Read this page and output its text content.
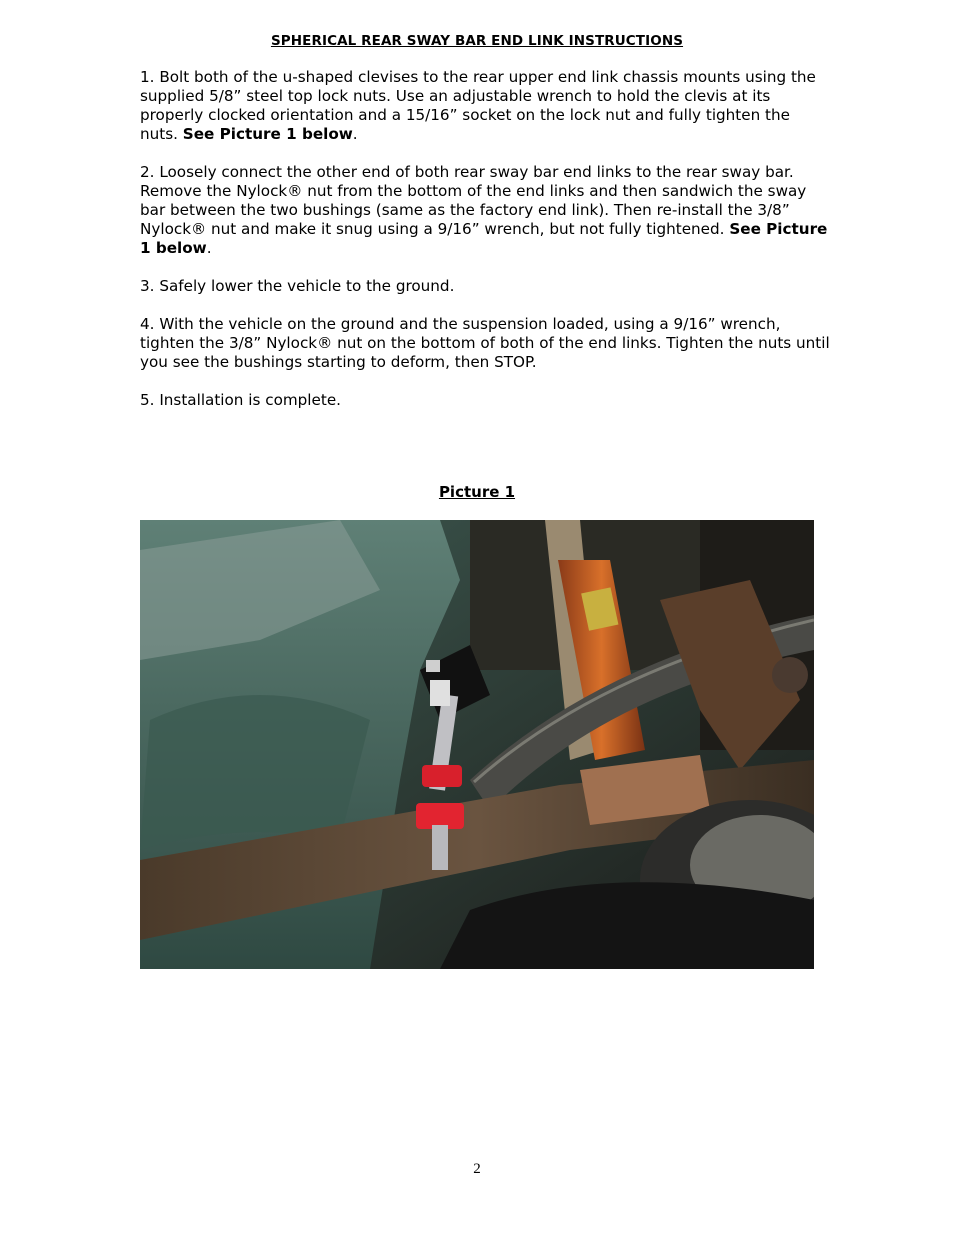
SPHERICAL REAR SWAY BAR END LINK INSTRUCTIONS

1. Bolt both of the u-shaped clevises to the rear upper end link chassis mounts using the supplied 5/8” steel top lock nuts. Use an adjustable wrench to hold the clevis at its properly clocked orientation and a 15/16” socket on the lock nut and fully tighten the nuts. See Picture 1 below.

2. Loosely connect the other end of both rear sway bar end links to the rear sway bar. Remove the Nylock® nut from the bottom of the end links and then sandwich the sway bar between the two bushings (same as the factory end link). Then re-install the 3/8” Nylock® nut and make it snug using a 9/16” wrench, but not fully tightened. See Picture 1 below.

3. Safely lower the vehicle to the ground.

4. With the vehicle on the ground and the suspension loaded, using a 9/16” wrench, tighten the 3/8” Nylock® nut on the bottom of both of the end links. Tighten the nuts until you see the bushings starting to deform, then STOP.

5. Installation is complete.

Picture 1
2
